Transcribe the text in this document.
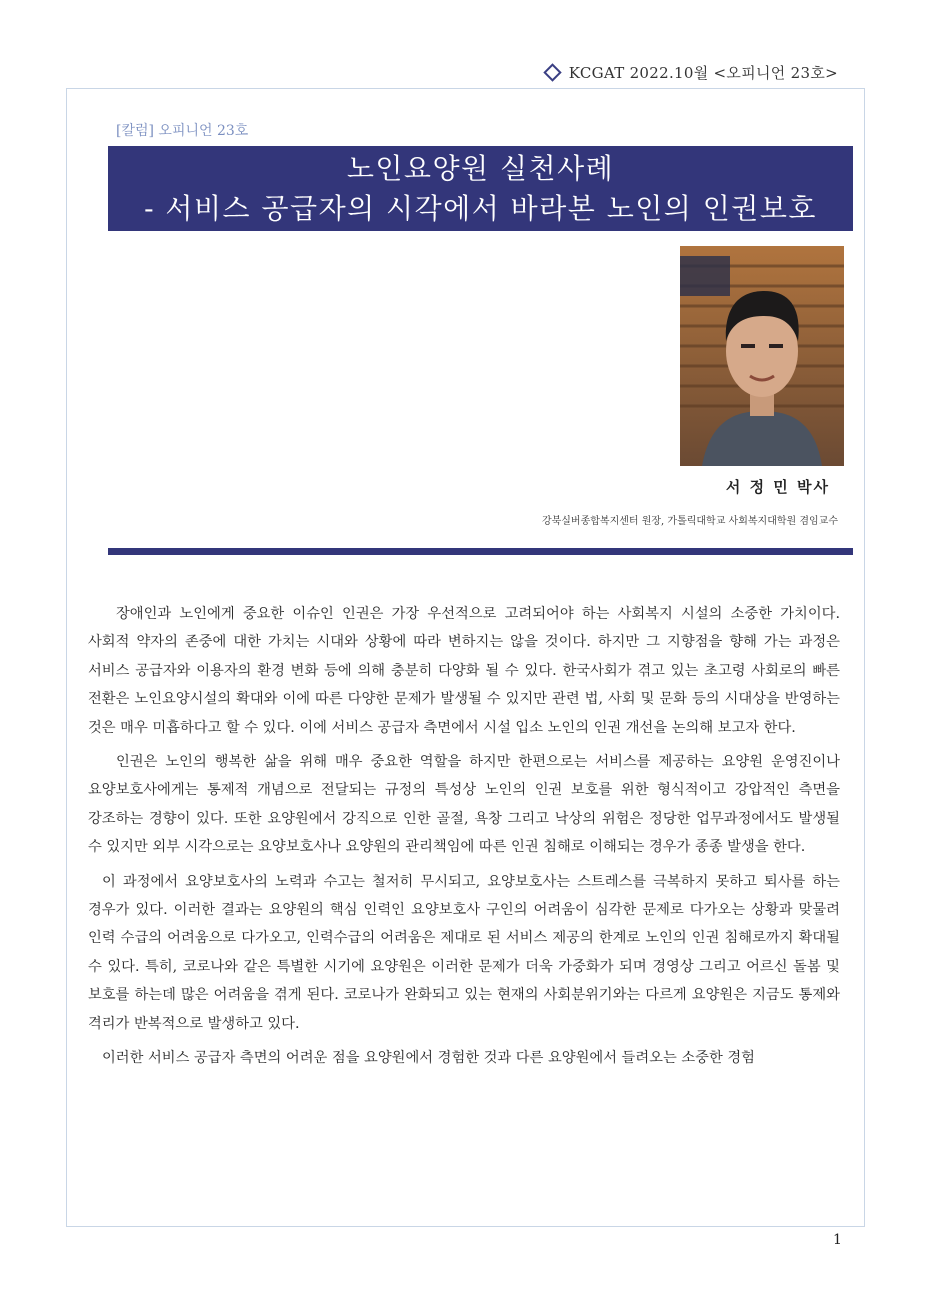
KCGAT 2022.10월 <오피니언 23호>
[칼럼] 오피니언 23호
노인요양원 실천사례
- 서비스 공급자의 시각에서 바라본 노인의 인권보호
서 정 민 박사
강북실버종합복지센터 원장, 가톨릭대학교 사회복지대학원 겸임교수

장애인과 노인에게 중요한 이슈인 인권은 가장 우선적으로 고려되어야 하는 사회복지 시설의 소중한 가치이다. 사회적 약자의 존중에 대한 가치는 시대와 상황에 따라 변하지는 않을 것이다. 하지만 그 지향점을 향해 가는 과정은 서비스 공급자와 이용자의 환경 변화 등에 의해 충분히 다양화 될 수 있다. 한국사회가 겪고 있는 초고령 사회로의 빠른 전환은 노인요양시설의 확대와 이에 따른 다양한 문제가 발생될 수 있지만 관련 법, 사회 및 문화 등의 시대상을 반영하는 것은 매우 미흡하다고 할 수 있다. 이에 서비스 공급자 측면에서 시설 입소 노인의 인권 개선을 논의해 보고자 한다.

인권은 노인의 행복한 삶을 위해 매우 중요한 역할을 하지만 한편으로는 서비스를 제공하는 요양원 운영진이나 요양보호사에게는 통제적 개념으로 전달되는 규정의 특성상 노인의 인권 보호를 위한 형식적이고 강압적인 측면을 강조하는 경향이 있다. 또한 요양원에서 강직으로 인한 골절, 욕창 그리고 낙상의 위험은 정당한 업무과정에서도 발생될 수 있지만 외부 시각으로는 요양보호사나 요양원의 관리책임에 따른 인권 침해로 이해되는 경우가 종종 발생을 한다.

이 과정에서 요양보호사의 노력과 수고는 철저히 무시되고, 요양보호사는 스트레스를 극복하지 못하고 퇴사를 하는 경우가 있다. 이러한 결과는 요양원의 핵심 인력인 요양보호사 구인의 어려움이 심각한 문제로 다가오는 상황과 맞물려 인력 수급의 어려움으로 다가오고, 인력수급의 어려움은 제대로 된 서비스 제공의 한계로 노인의 인권 침해로까지 확대될 수 있다. 특히, 코로나와 같은 특별한 시기에 요양원은 이러한 문제가 더욱 가중화가 되며 경영상 그리고 어르신 돌봄 및 보호를 하는데 많은 어려움을 겪게 된다. 코로나가 완화되고 있는 현재의 사회분위기와는 다르게 요양원은 지금도 통제와 격리가 반복적으로 발생하고 있다.

이러한 서비스 공급자 측면의 어려운 점을 요양원에서 경험한 것과 다른 요양원에서 들려오는 소중한 경험

1
